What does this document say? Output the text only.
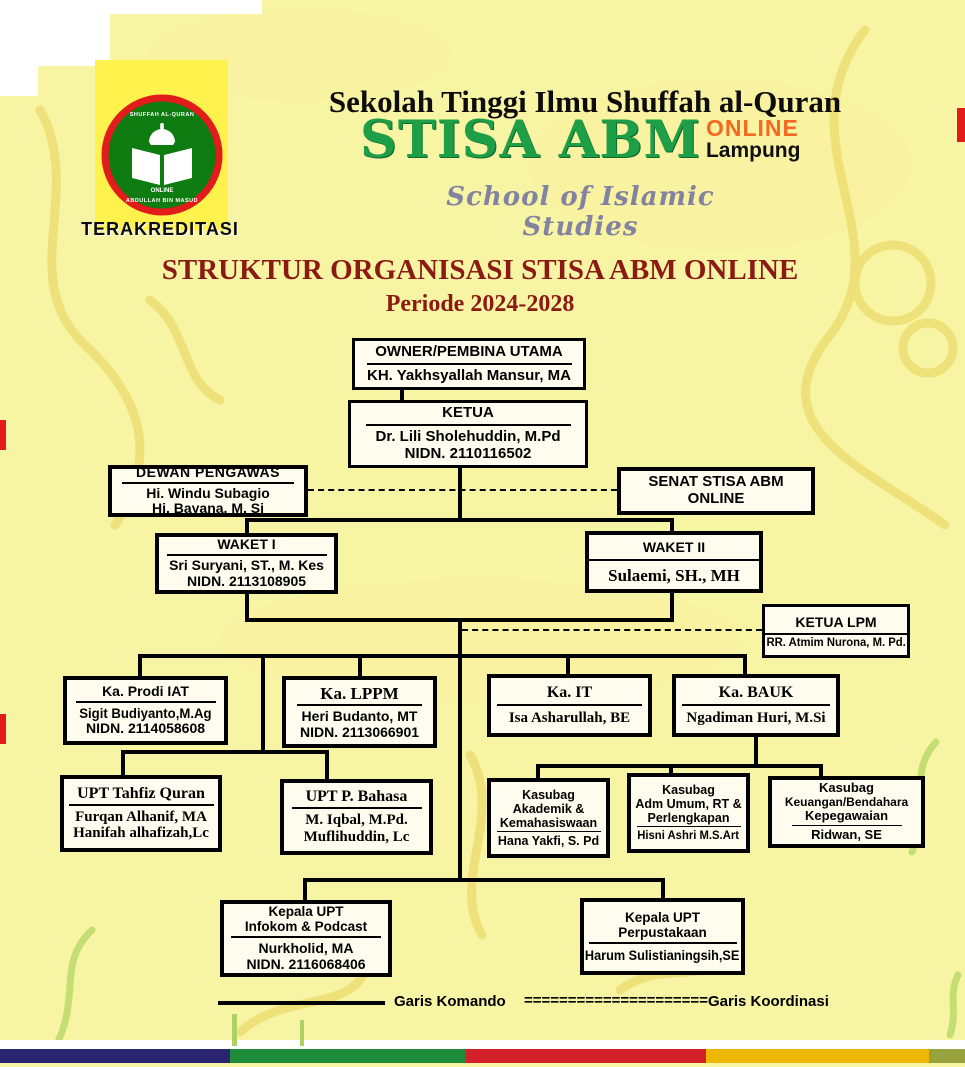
ONLINE
ABDULLAH BIN MASUD
SHUFFAH AL-QURAN
TERAKREDITASI
Sekolah Tinggi Ilmu Shuffah al-Quran
STISA ABM ONLINE
Lampung
School of Islamic Studies
STRUKTUR ORGANISASI STISA ABM ONLINE
Periode 2024-2028
OWNER/PEMBINA UTAMA
KH. Yakhsyallah Mansur, MA
KETUA
Dr. Lili Sholehuddin, M.Pd
NIDN. 2110116502
DEWAN PENGAWAS
Hi. Windu Subagio
Hj. Bayana, M. Si
SENAT STISA ABM
ONLINE
WAKET I
Sri Suryani, ST., M. Kes
NIDN. 2113108905
WAKET II
Sulaemi, SH., MH
KETUA LPM
RR. Atmim Nurona, M. Pd.
Ka. Prodi IAT
Sigit Budiyanto,M.Ag
NIDN. 2114058608
Ka. LPPM
Heri Budanto, MT
NIDN. 2113066901
Ka. IT
Isa Asharullah, BE
Ka. BAUK
Ngadiman Huri, M.Si
UPT Tahfiz Quran
Furqan Alhanif, MA
Hanifah alhafizah,Lc
UPT P. Bahasa
M. Iqbal, M.Pd.
Muflihuddin, Lc
Kasubag
Akademik &
Kemahasiswaan
Hana Yakfi, S. Pd
Kasubag
Adm Umum, RT &
Perlengkapan
Hisni Ashri M.S.Art
Kasubag
Keuangan/Bendahara
Kepegawaian
Ridwan, SE
Kepala UPT
Infokom & Podcast
Nurkholid, MA
NIDN. 2116068406
Kepala UPT
Perpustakaan
Harum Sulistianingsih,SE
Garis Komando ===================== Garis Koordinasi
